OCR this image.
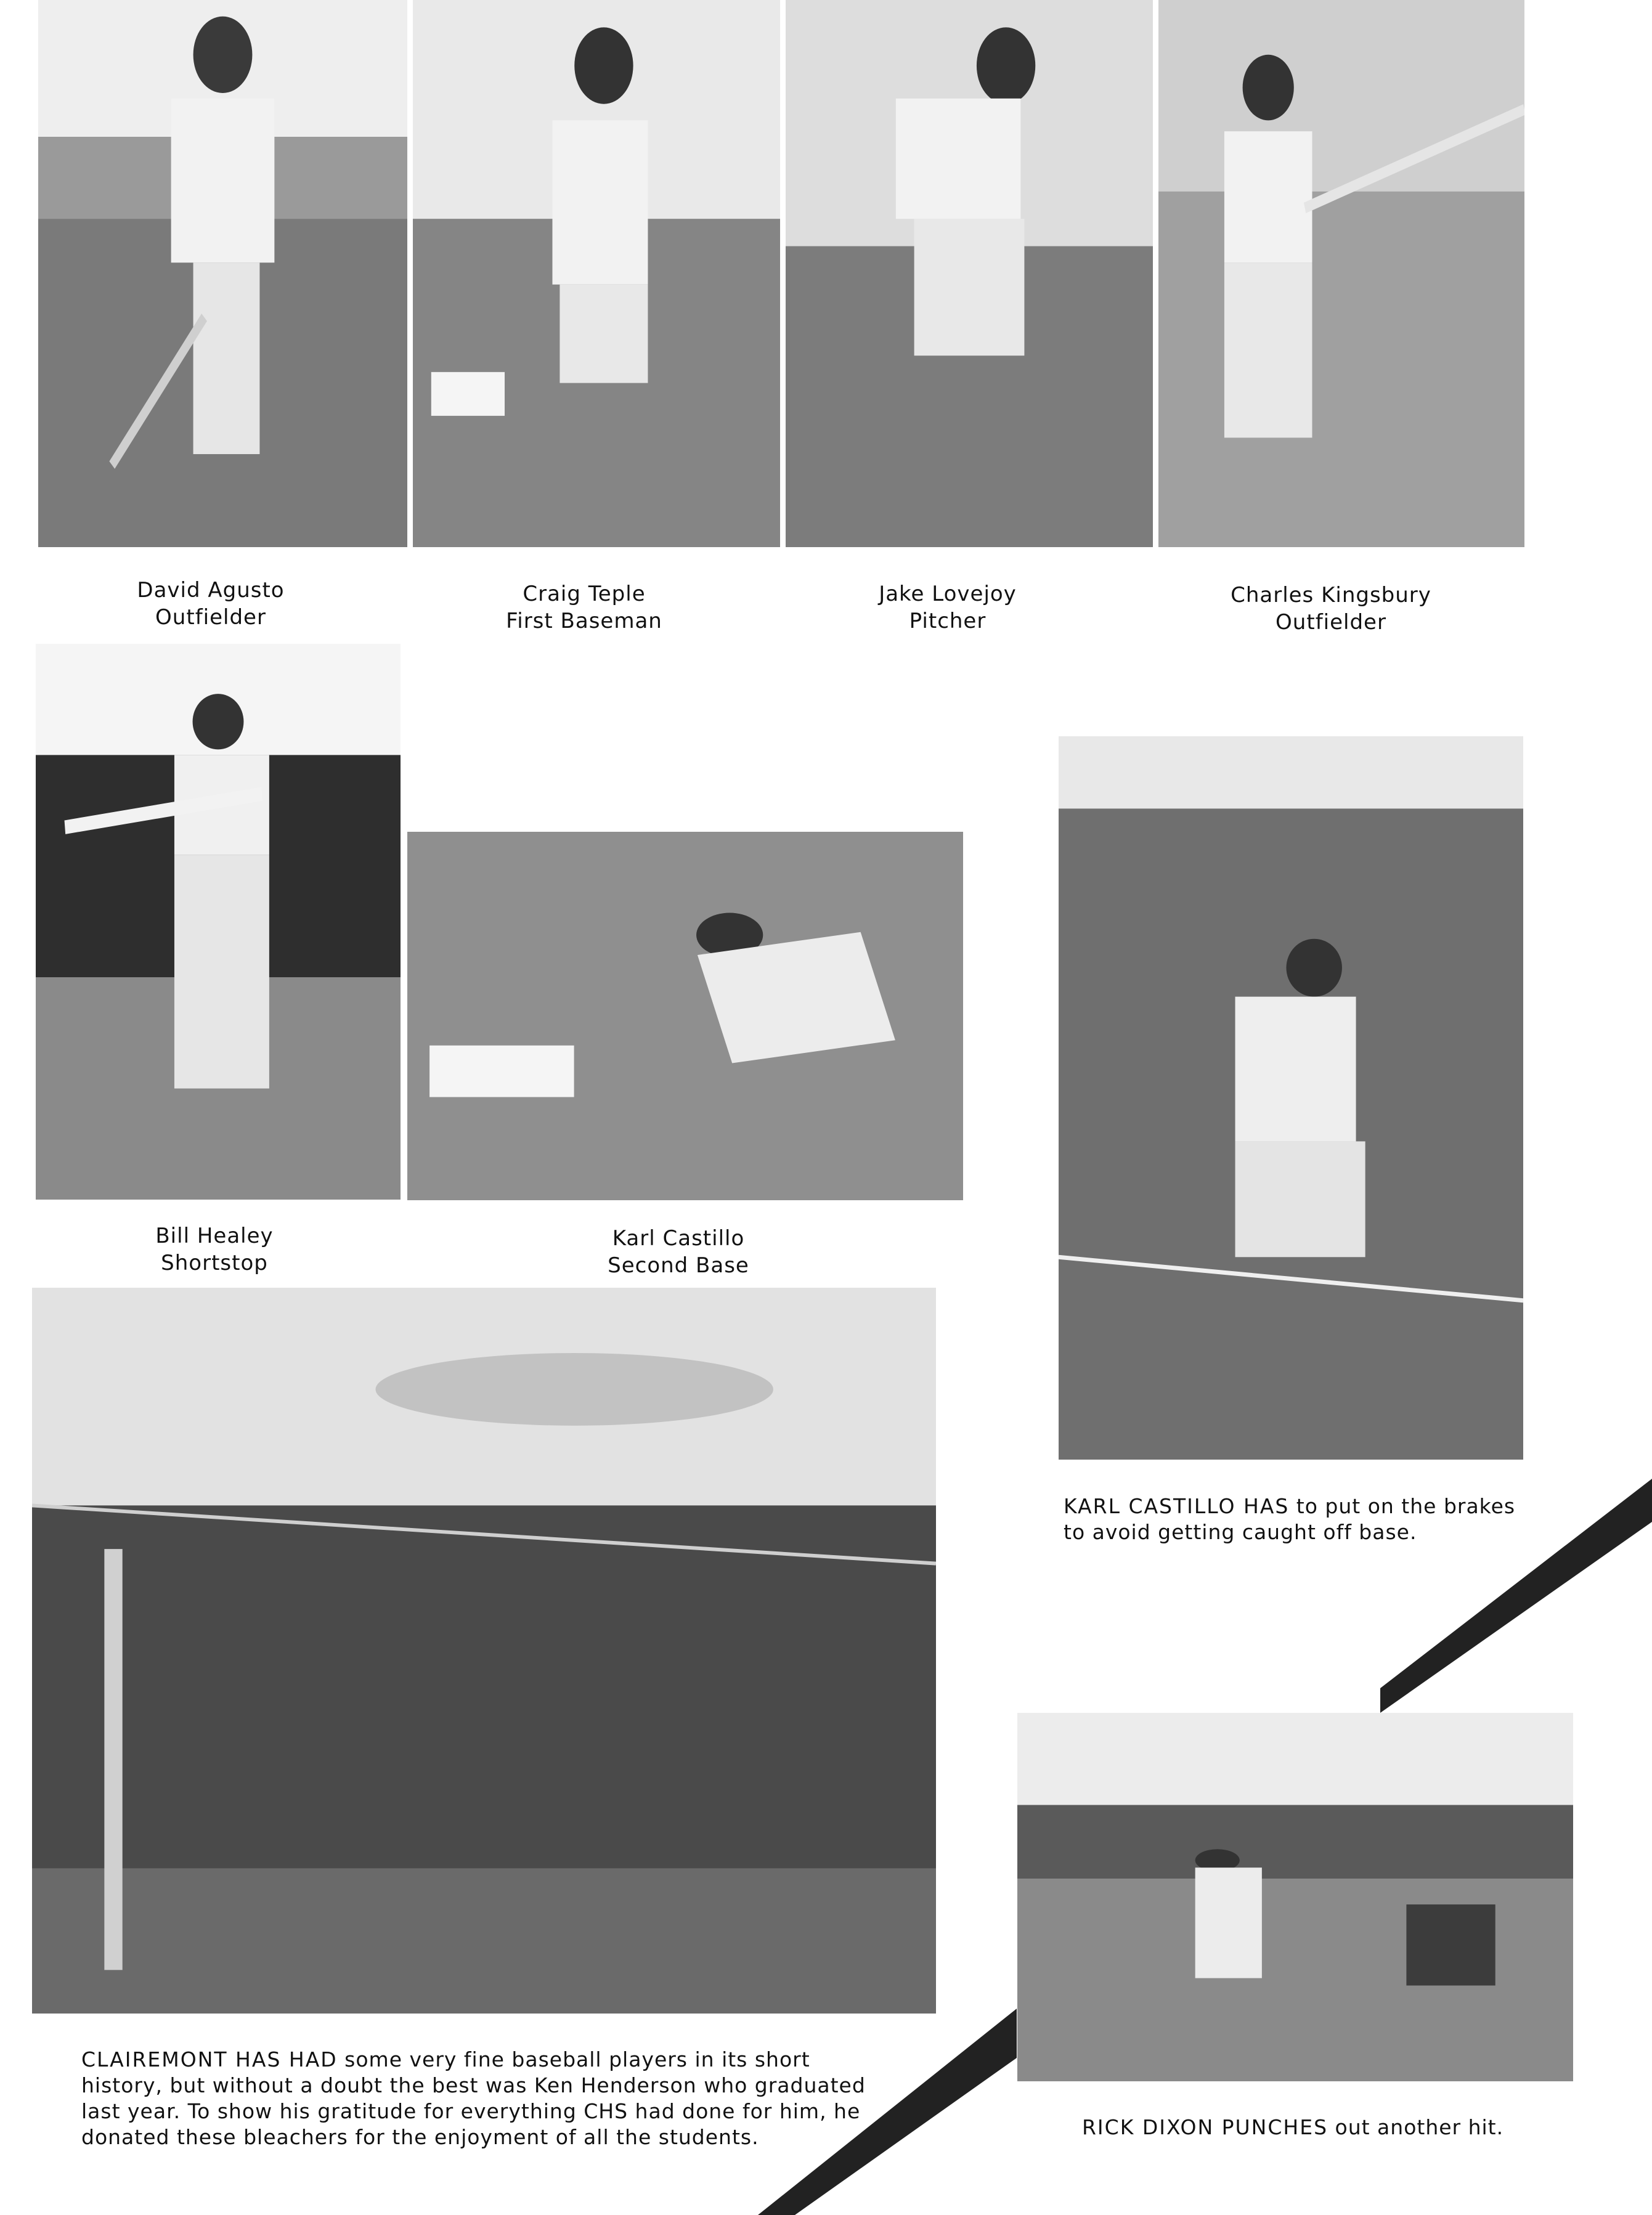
David Agusto
Outfielder
Craig Teple
First Baseman
Jake Lovejoy
Pitcher
Charles Kingsbury
Outfielder
Bill Healey
Shortstop
Karl Castillo
Second Base
KARL CASTILLO HAS to put on the brakes to avoid getting caught off base.
CLAIREMONT HAS HAD some very fine baseball players in its short history, but without a doubt the best was Ken Henderson who graduated last year. To show his gratitude for everything CHS had done for him, he donated these bleachers for the enjoyment of all the students.	RICK DIXON PUNCHES out another hit.
